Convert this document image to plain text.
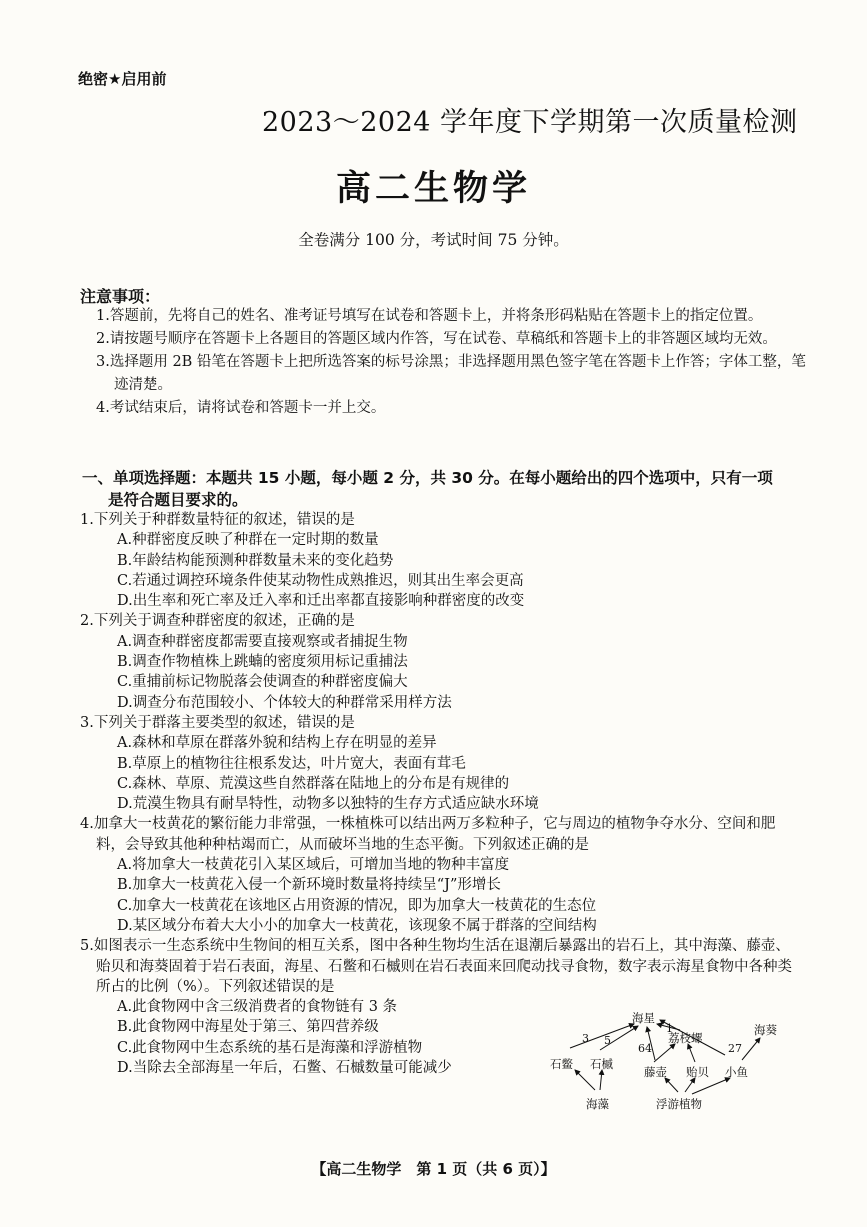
绝密★启用前
2023～2024 学年度下学期第一次质量检测
高二生物学
全卷满分 100 分，考试时间 75 分钟。
注意事项：
1.答题前，先将自己的姓名、准考证号填写在试卷和答题卡上，并将条形码粘贴在答题卡上的指定位置。
2.请按题号顺序在答题卡上各题目的答题区域内作答，写在试卷、草稿纸和答题卡上的非答题区域均无效。
3.选择题用 2B 铅笔在答题卡上把所选答案的标号涂黑；非选择题用黑色签字笔在答题卡上作答；字体工整，笔迹清楚。
4.考试结束后，请将试卷和答题卡一并上交。
一、单项选择题：本题共 15 小题，每小题 2 分，共 30 分。在每小题给出的四个选项中，只有一项
是符合题目要求的。
1.下列关于种群数量特征的叙述，错误的是
A.种群密度反映了种群在一定时期的数量
B.年龄结构能预测种群数量未来的变化趋势
C.若通过调控环境条件使某动物性成熟推迟，则其出生率会更高
D.出生率和死亡率及迁入率和迁出率都直接影响种群密度的改变
2.下列关于调查种群密度的叙述，正确的是
A.调查种群密度都需要直接观察或者捕捉生物
B.调查作物植株上跳蝻的密度须用标记重捕法
C.重捕前标记物脱落会使调查的种群密度偏大
D.调查分布范围较小、个体较大的种群常采用样方法
3.下列关于群落主要类型的叙述，错误的是
A.森林和草原在群落外貌和结构上存在明显的差异
B.草原上的植物往往根系发达，叶片宽大，表面有茸毛
C.森林、草原、荒漠这些自然群落在陆地上的分布是有规律的
D.荒漠生物具有耐旱特性，动物多以独特的生存方式适应缺水环境
4.加拿大一枝黄花的繁衍能力非常强，一株植株可以结出两万多粒种子，它与周边的植物争夺水分、空间和肥料，会导致其他种种枯竭而亡，从而破坏当地的生态平衡。下列叙述正确的是
A.将加拿大一枝黄花引入某区域后，可增加当地的物种丰富度
B.加拿大一枝黄花入侵一个新环境时数量将持续呈“J”形增长
C.加拿大一枝黄花在该地区占用资源的情况，即为加拿大一枝黄花的生态位
D.某区域分布着大大小小的加拿大一枝黄花，该现象不属于群落的空间结构
5.如图表示一生态系统中生物间的相互关系，图中各种生物均生活在退潮后暴露出的岩石上，其中海藻、藤壶、贻贝和海葵固着于岩石表面，海星、石鳖和石槭则在岩石表面来回爬动找寻食物，数字表示海星食物中各种类所占的比例（%）。下列叙述错误的是
A.此食物网中含三级消费者的食物链有 3 条
B.此食物网中海星处于第三、第四营养级
C.此食物网中生态系统的基石是海藻和浮游植物
D.当除去全部海星一年后，石鳖、石槭数量可能减少
海星
海葵
荔枝螺
石鳖 石槭
藤壶 贻贝 小鱼
海藻	浮游植物
3 5
64
1
27
【高二生物学　第 1 页（共 6 页）】
